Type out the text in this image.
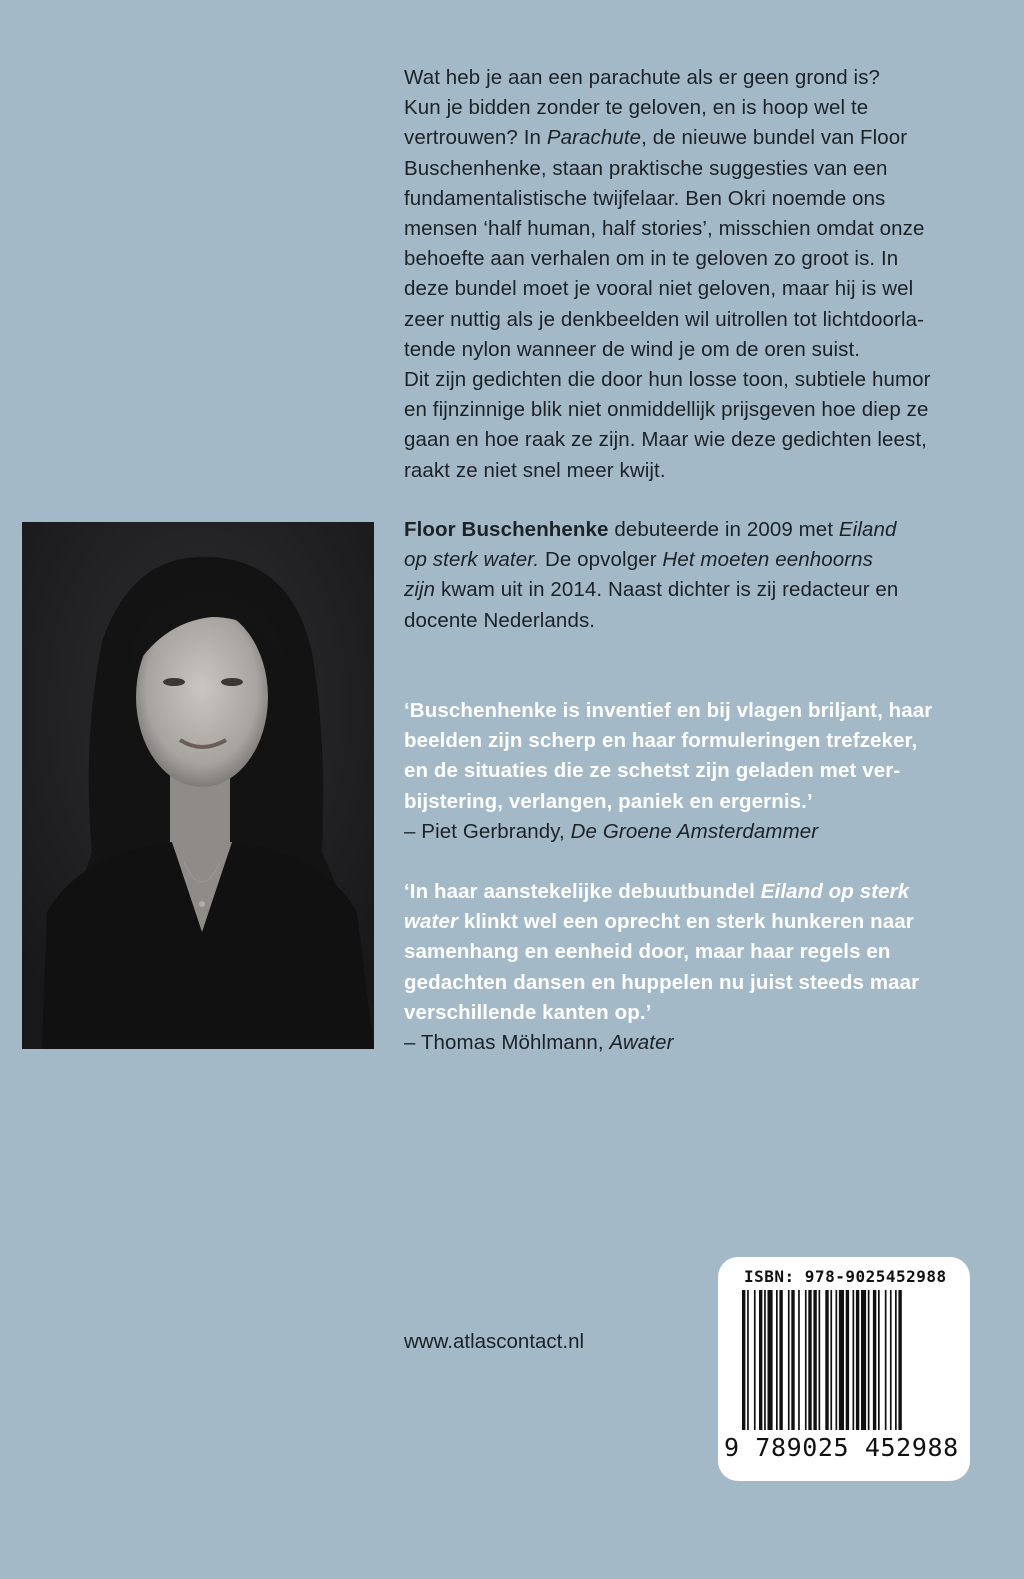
Wat heb je aan een parachute als er geen grond is?
Kun je bidden zonder te geloven, en is hoop wel te
vertrouwen? In Parachute, de nieuwe bundel van Floor
Buschenhenke, staan praktische suggesties van een
fundamentalistische twijfelaar. Ben Okri noemde ons
mensen ‘half human, half stories’, misschien omdat onze
behoefte aan verhalen om in te geloven zo groot is. In
deze bundel moet je vooral niet geloven, maar hij is wel
zeer nuttig als je denkbeelden wil uitrollen tot lichtdoorla-
tende nylon wanneer de wind je om de oren suist.
Dit zijn gedichten die door hun losse toon, subtiele humor
en fijnzinnige blik niet onmiddellijk prijsgeven hoe diep ze
gaan en hoe raak ze zijn. Maar wie deze gedichten leest,
raakt ze niet snel meer kwijt.
Floor Buschenhenke debuteerde in 2009 met Eiland
op sterk water. De opvolger Het moeten eenhoorns
zijn kwam uit in 2014. Naast dichter is zij redacteur en
docente Nederlands.
‘Buschenhenke is inventief en bij vlagen briljant, haar
beelden zijn scherp en haar formuleringen trefzeker,
en de situaties die ze schetst zijn geladen met ver-
bijstering, verlangen, paniek en ergernis.’
– Piet Gerbrandy, De Groene Amsterdammer
‘In haar aanstekelijke debuutbundel Eiland op sterk
water klinkt wel een oprecht en sterk hunkeren naar
samenhang en eenheid door, maar haar regels en
gedachten dansen en huppelen nu juist steeds maar
verschillende kanten op.’
– Thomas Möhlmann, Awater
www.atlascontact.nl
ISBN: 978-9025452988
9 789025 452988
